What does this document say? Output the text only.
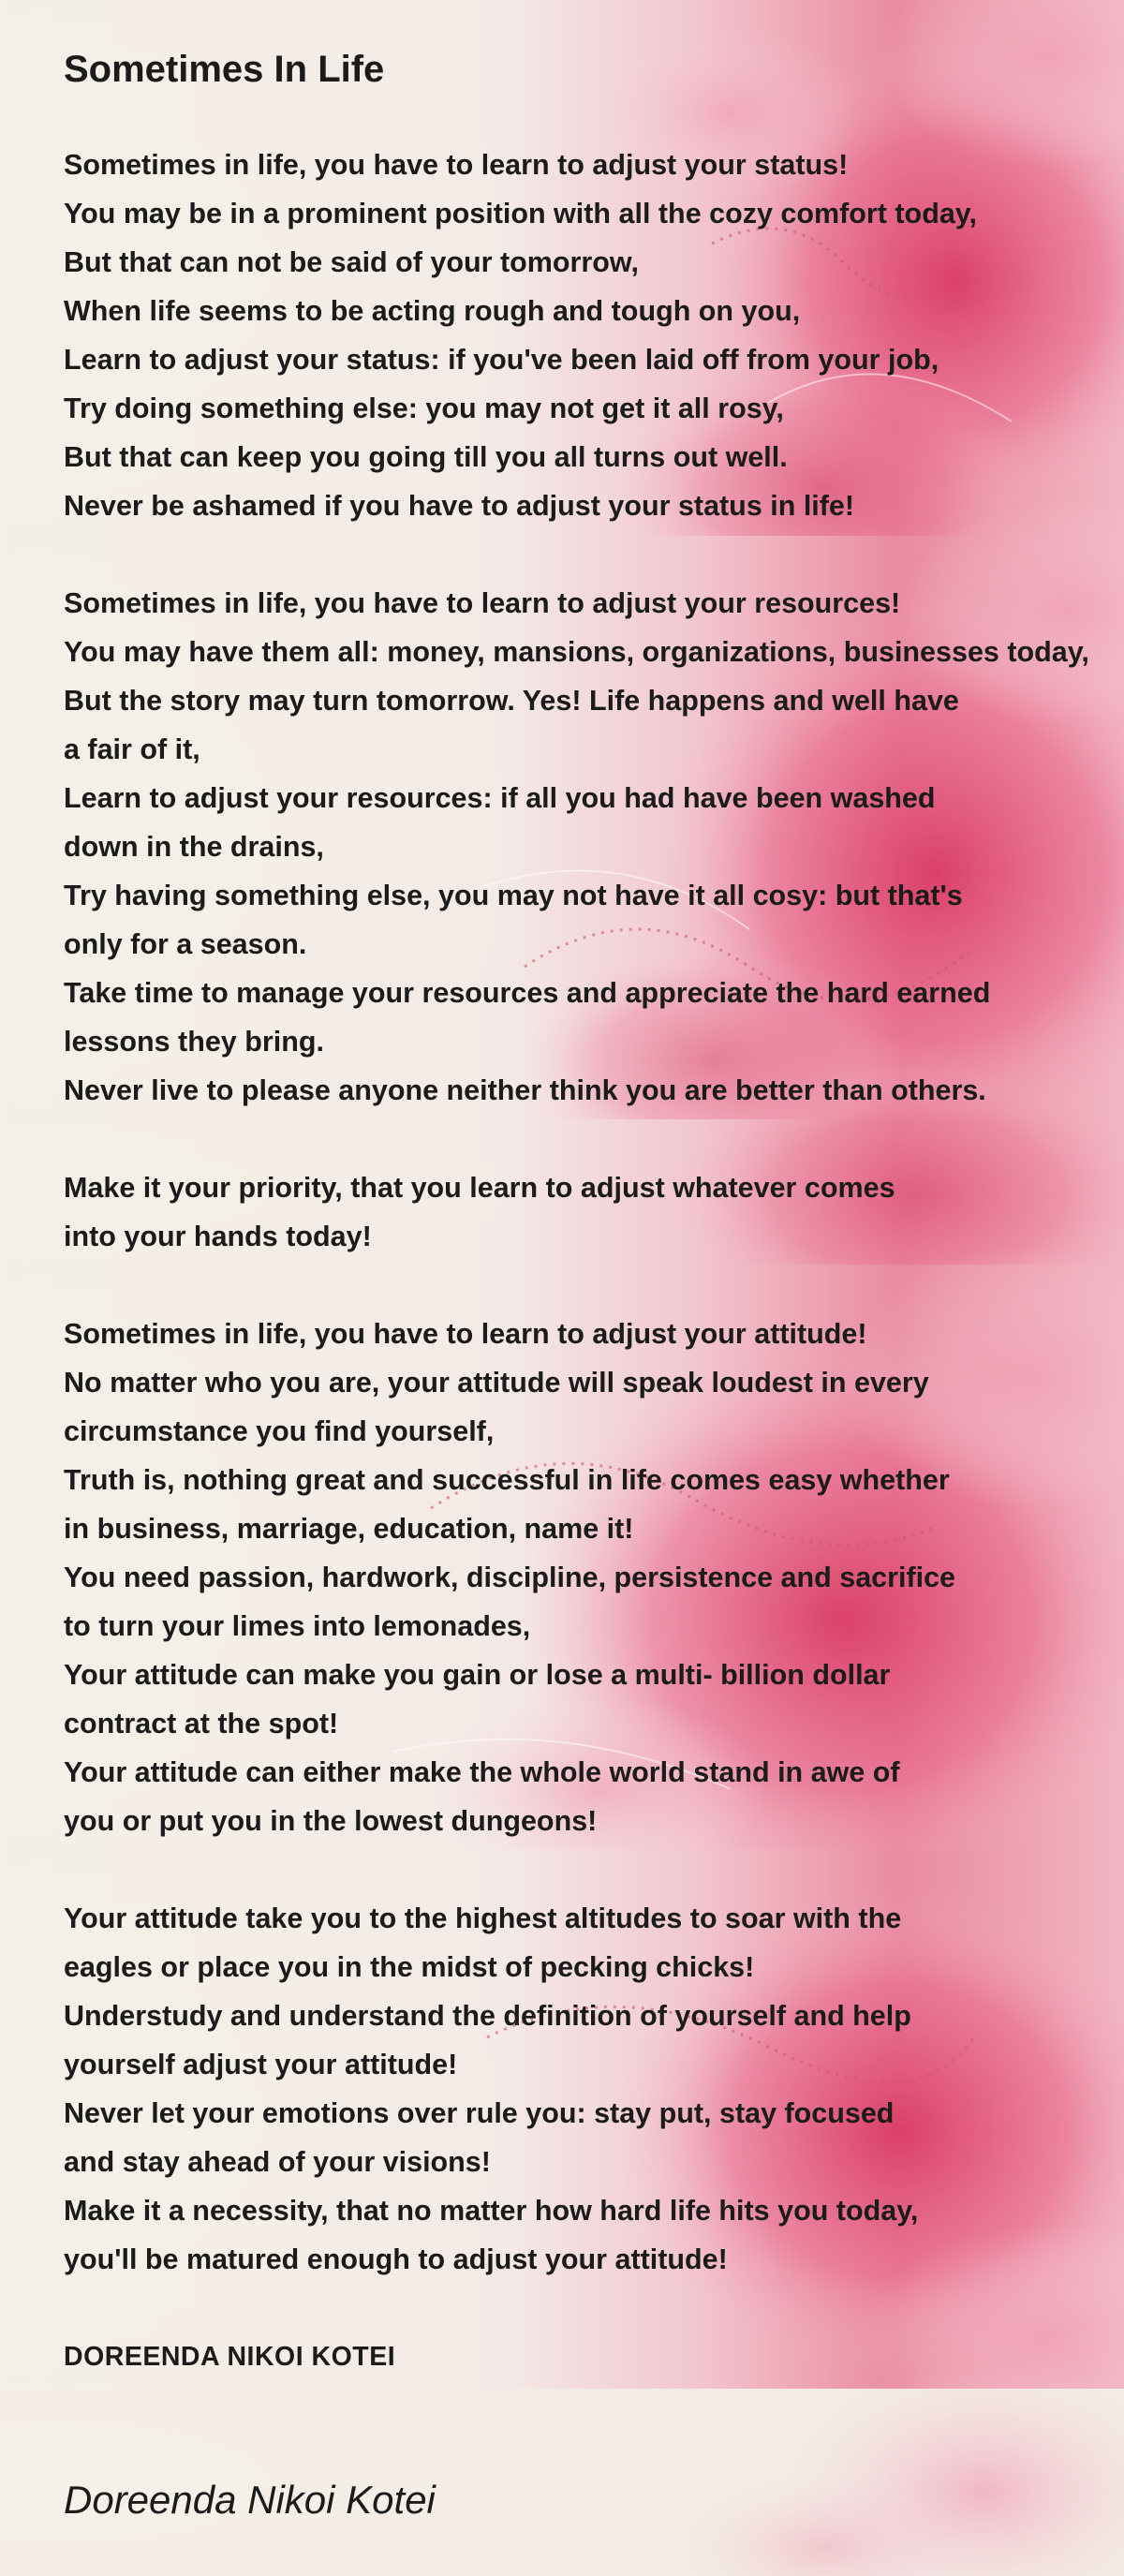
Sometimes In Life
Sometimes in life, you have to learn to adjust your status!
You may be in a prominent position with all the cozy comfort today,
But that can not be said of your tomorrow,
When life seems to be acting rough and tough on you,
Learn to adjust your status: if you've been laid off from your job,
Try doing something else: you may not get it all rosy,
But that can keep you going till you all turns out well.
Never be ashamed if you have to adjust your status in life!
Sometimes in life, you have to learn to adjust your resources!
You may have them all: money, mansions, organizations, businesses today,
But the story may turn tomorrow. Yes! Life happens and well have
a fair of it,
Learn to adjust your resources: if all you had have been washed
down in the drains,
Try having something else, you may not have it all cosy: but that's
only for a season.
Take time to manage your resources and appreciate the hard earned
lessons they bring.
Never live to please anyone neither think you are better than others.
Make it your priority, that you learn to adjust whatever comes
into your hands today!
Sometimes in life, you have to learn to adjust your attitude!
No matter who you are, your attitude will speak loudest in every
circumstance you find yourself,
Truth is, nothing great and successful in life comes easy whether
in business, marriage, education, name it!
You need passion, hardwork, discipline, persistence and sacrifice
to turn your limes into lemonades,
Your attitude can make you gain or lose a multi- billion dollar
contract at the spot!
Your attitude can either make the whole world stand in awe of
you or put you in the lowest dungeons!
Your attitude take you to the highest altitudes to soar with the
eagles or place you in the midst of pecking chicks!
Understudy and understand the definition of yourself and help
yourself adjust your attitude!
Never let your emotions over rule you: stay put, stay focused
and stay ahead of your visions!
Make it a necessity, that no matter how hard life hits you today,
you'll be matured enough to adjust your attitude!
DOREENDA NIKOI KOTEI
Doreenda Nikoi Kotei
